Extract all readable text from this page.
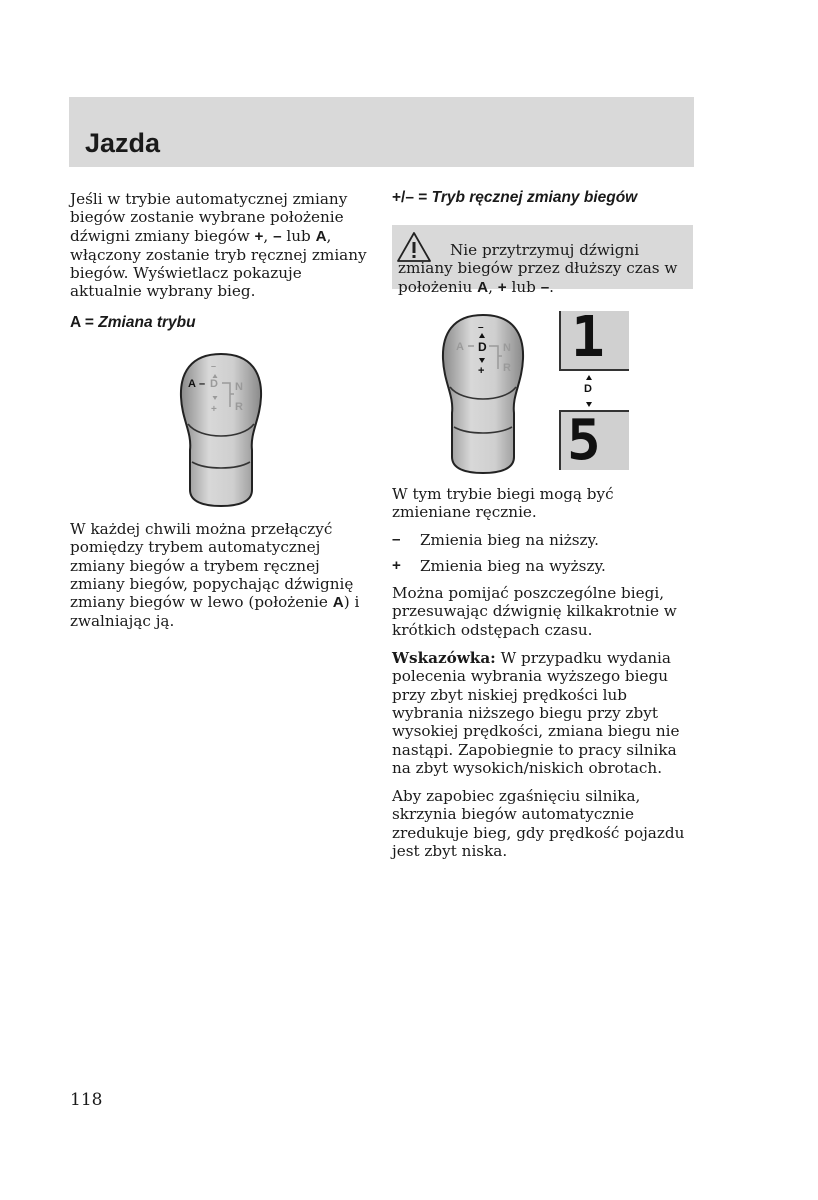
Jazda

Jeśli w trybie automatycznej zmiany biegów zostanie wybrane położenie dźwigni zmiany biegów +, – lub A, włączony zostanie tryb ręcznej zmiany biegów. Wyświetlacz pokazuje aktualnie wybrany bieg.

A = Zmiana trybu

A –
–
D
+
N
R

W każdej chwili można przełączyć pomiędzy trybem automatycznej zmiany biegów a trybem ręcznej zmiany biegów, popychając dźwignię zmiany biegów w lewo (położenie A) i zwalniając ją.

+/– = Tryb ręcznej zmiany biegów

Nie przytrzymuj dźwigni zmiany biegów przez dłuższy czas w położeniu A, + lub –.

A
–
D
+
N
R 1
D
5

W tym trybie biegi mogą być zmieniane ręcznie.

– Zmienia bieg na niższy.
+ Zmienia bieg na wyższy.

Można pomijać poszczególne biegi, przesuwając dźwignię kilkakrotnie w krótkich odstępach czasu.

Wskazówka: W przypadku wydania polecenia wybrania wyższego biegu przy zbyt niskiej prędkości lub wybrania niższego biegu przy zbyt wysokiej prędkości, zmiana biegu nie nastąpi. Zapobiegnie to pracy silnika na zbyt wysokich/niskich obrotach.

Aby zapobiec zgaśnięciu silnika, skrzynia biegów automatycznie zredukuje bieg, gdy prędkość pojazdu jest zbyt niska.

118
